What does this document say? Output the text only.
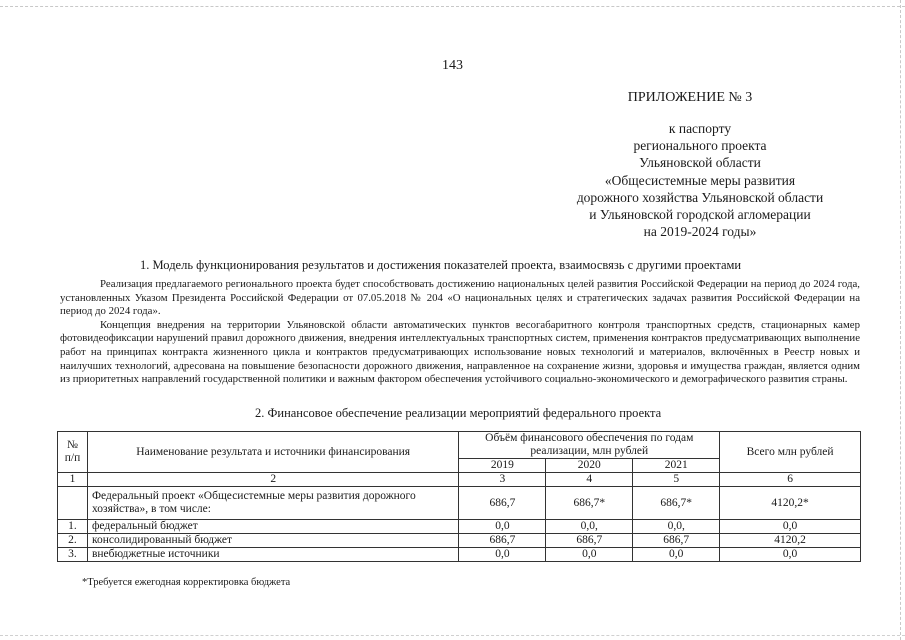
143
ПРИЛОЖЕНИЕ № 3
к паспорту
регионального проекта
Ульяновской области
«Общесистемные меры развития
дорожного хозяйства Ульяновской области
и Ульяновской городской агломерации
на 2019-2024 годы»
1. Модель функционирования результатов и достижения показателей проекта, взаимосвязь с другими проектами

Реализация предлагаемого регионального проекта будет способствовать достижению национальных целей развития Российской Федерации на период до 2024 года, установленных Указом Президента Российской Федерации от 07.05.2018 № 204 «О национальных целях и стратегических задачах развития Российской Федерации на период до 2024 года».

Концепция внедрения на территории Ульяновской области автоматических пунктов весогабаритного контроля транспортных средств, стационарных камер фотовидеофиксации нарушений правил дорожного движения, внедрения интеллектуальных транспортных систем, применения контрактов предусматривающих выполнение работ на принципах контракта жизненного цикла и контрактов предусматривающих использование новых технологий и материалов, включённых в Реестр новых и наилучших технологий, адресована на повышение безопасности дорожного движения, направленное на сохранение жизни, здоровья и имущества граждан, является одним из приоритетных направлений государственной политики и важным фактором обеспечения устойчивого социально-экономического и демографического развития страны.

2. Финансовое обеспечение реализации мероприятий федерального проекта
№ п/п	Наименование результата и источники финансирования	Объём финансового обеспечения по годам реализации, млн рублей			Всего млн рублей
		2019	2020	2021	
1	2	3	4	5	6
	Федеральный проект «Общесистемные меры развития дорожного хозяйства», в том числе:	686,7	686,7*	686,7*	4120,2*
1.	федеральный бюджет	0,0	0,0,	0,0,	0,0
2.	консолидированный бюджет	686,7	686,7	686,7	4120,2
3.	внебюджетные источники	0,0	0,0	0,0	0,0
*Требуется ежегодная корректировка бюджета
